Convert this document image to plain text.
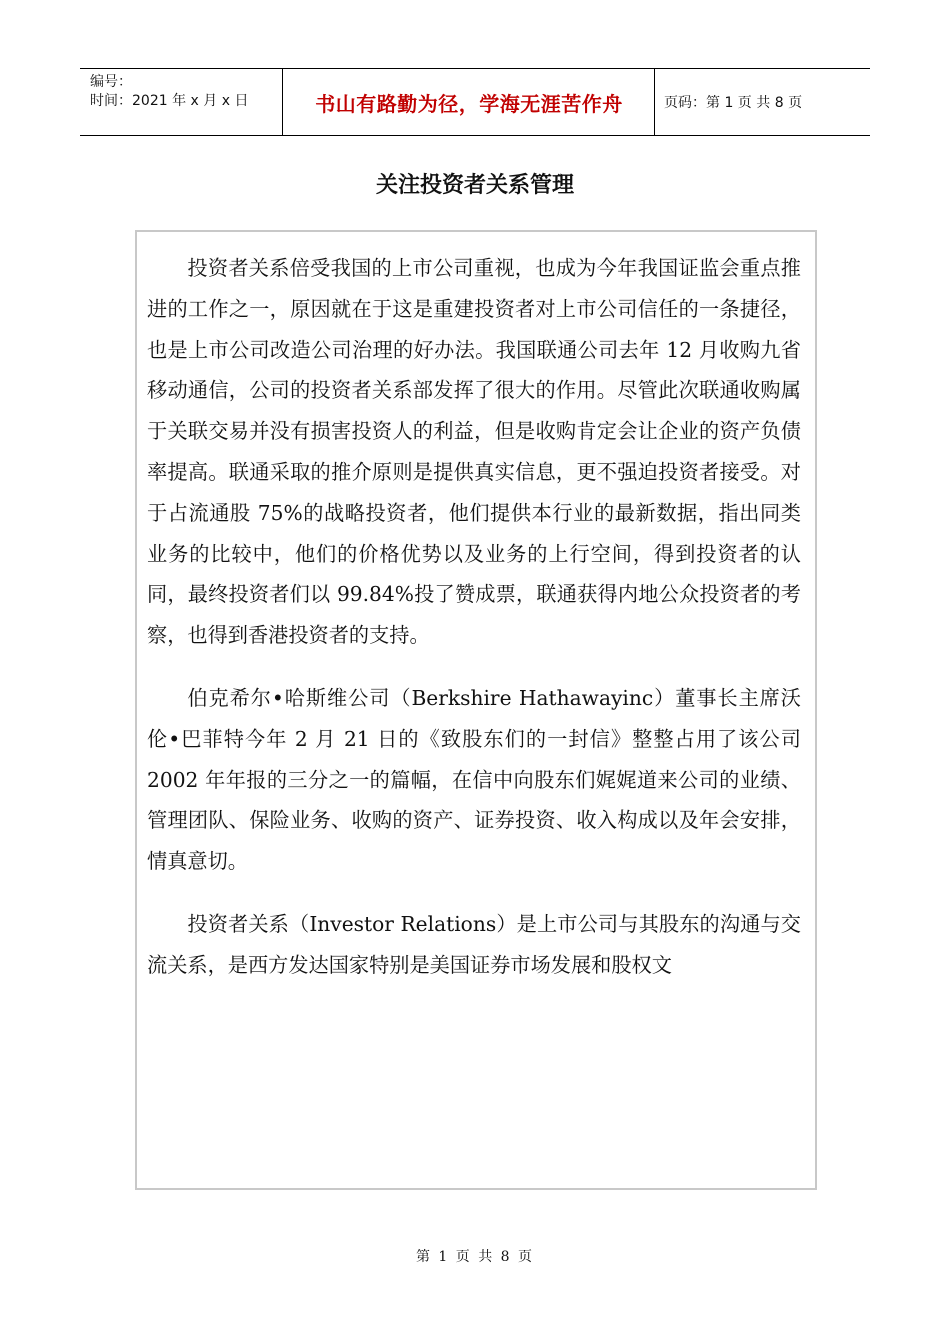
编号：
时间：2021 年 x 月 x 日	书山有路勤为径，学海无涯苦作舟	页码：第 1 页 共 8 页
关注投资者关系管理

投资者关系倍受我国的上市公司重视，也成为今年我国证监会重点推进的工作之一，原因就在于这是重建投资者对上市公司信任的一条捷径，也是上市公司改造公司治理的好办法。我国联通公司去年 12 月收购九省移动通信，公司的投资者关系部发挥了很大的作用。尽管此次联通收购属于关联交易并没有损害投资人的利益，但是收购肯定会让企业的资产负债率提高。联通采取的推介原则是提供真实信息，更不强迫投资者接受。对于占流通股 75%的战略投资者，他们提供本行业的最新数据，指出同类业务的比较中，他们的价格优势以及业务的上行空间，得到投资者的认同，最终投资者们以 99.84%投了赞成票，联通获得内地公众投资者的考察，也得到香港投资者的支持。

伯克希尔•哈斯维公司（Berkshire Hathawayinc）董事长主席沃伦•巴菲特今年 2 月 21 日的《致股东们的一封信》整整占用了该公司 2002 年年报的三分之一的篇幅，在信中向股东们娓娓道来公司的业绩、管理团队、保险业务、收购的资产、证券投资、收入构成以及年会安排，情真意切。

投资者关系（Investor Relations）是上市公司与其股东的沟通与交流关系，是西方发达国家特别是美国证券市场发展和股权文

第 1 页 共 8 页
